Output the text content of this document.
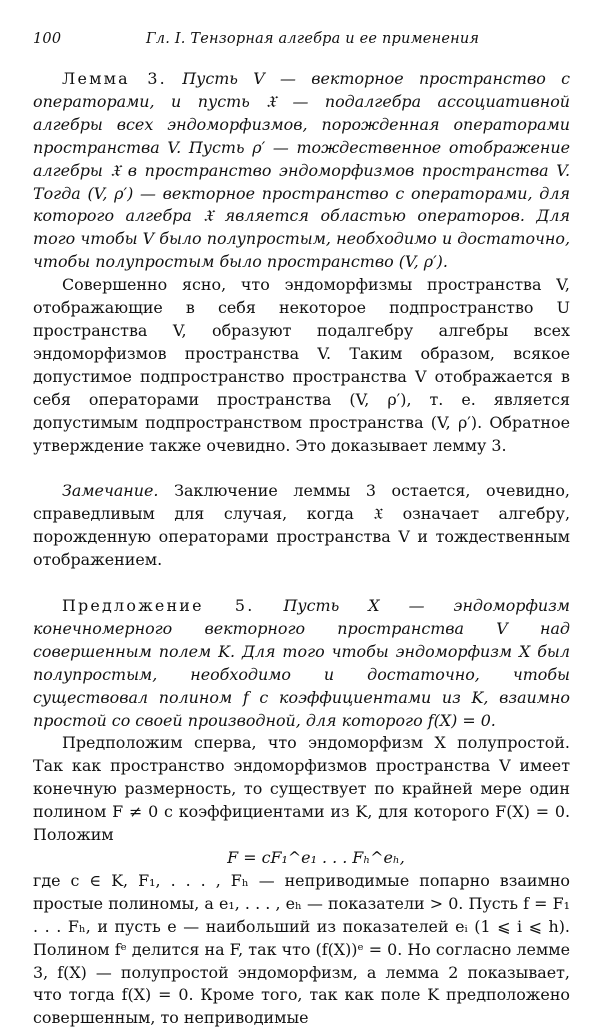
100	Гл. I. Тензорная алгебра и ее применения

Лемма 3. Пусть V — векторное пространство с операторами, и пусть 𝔛 — подалгебра ассоциативной алгебры всех эндоморфизмов, порожденная операторами пространства V. Пусть ρ′ — тождественное отображение алгебры 𝔛 в пространство эндоморфизмов пространства V. Тогда (V, ρ′) — векторное пространство с операторами, для которого алгебра 𝔛 является областью операторов. Для того чтобы V было полупростым, необходимо и достаточно, чтобы полупростым было пространство (V, ρ′).

Совершенно ясно, что эндоморфизмы пространства V, отображающие в себя некоторое подпространство U пространства V, образуют подалгебру алгебры всех эндоморфизмов пространства V. Таким образом, всякое допустимое подпространство пространства V отображается в себя операторами пространства (V, ρ′), т. е. является допустимым подпространством пространства (V, ρ′). Обратное утверждение также очевидно. Это доказывает лемму 3.

Замечание. Заключение леммы 3 остается, очевидно, справедливым для случая, когда 𝔛 означает алгебру, порожденную операторами пространства V и тождественным отображением.

Предложение 5. Пусть X — эндоморфизм конечномерного векторного пространства V над совершенным полем K. Для того чтобы эндоморфизм X был полупростым, необходимо и достаточно, чтобы существовал полином f с коэффициентами из K, взаимно простой со своей производной, для которого f(X) = 0.

Предположим сперва, что эндоморфизм X полупростой. Так как пространство эндоморфизмов пространства V имеет конечную размерность, то существует по крайней мере один полином F ≠ 0 с коэффициентами из K, для которого F(X) = 0. Положим

F = cF₁^e₁ . . . Fₕ^eₕ,

где c ∈ K, F₁, . . . , Fₕ — неприводимые попарно взаимно простые полиномы, а e₁, . . . , eₕ — показатели > 0. Пусть f = F₁ . . . Fₕ, и пусть e — наибольший из показателей eᵢ (1 ⩽ i ⩽ h). Полином fᵉ делится на F, так что (f(X))ᵉ = 0. Но согласно лемме 3, f(X) — полупростой эндоморфизм, а лемма 2 показывает, что тогда f(X) = 0. Кроме того, так как поле K предположено совершенным, то неприводимые
